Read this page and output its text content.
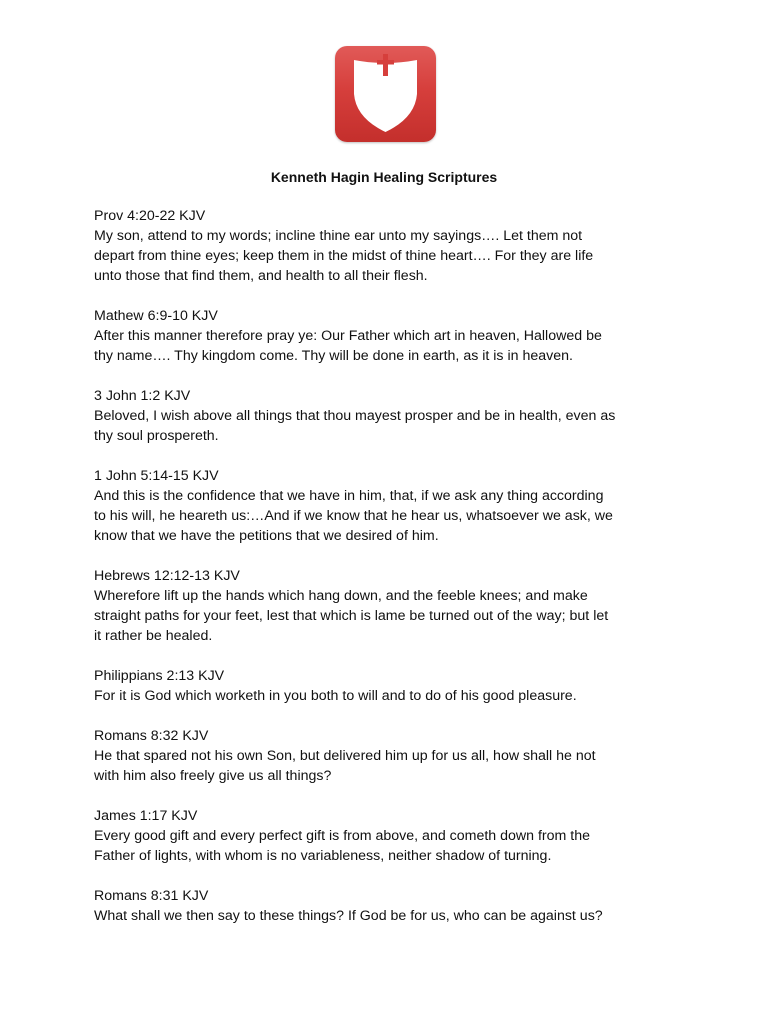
Kenneth Hagin Healing Scriptures

Prov 4:20-22 KJV

My son, attend to my words; incline thine ear unto my sayings…. Let them not

depart from thine eyes; keep them in the midst of thine heart…. For they are life

unto those that find them, and health to all their flesh.

Mathew 6:9-10 KJV

After this manner therefore pray ye: Our Father which art in heaven, Hallowed be

thy name…. Thy kingdom come. Thy will be done in earth, as it is in heaven.

3 John 1:2 KJV

Beloved, I wish above all things that thou mayest prosper and be in health, even as

thy soul prospereth.

1 John 5:14-15 KJV

And this is the confidence that we have in him, that, if we ask any thing according

to his will, he heareth us:…And if we know that he hear us, whatsoever we ask, we

know that we have the petitions that we desired of him.

Hebrews 12:12-13 KJV

Wherefore lift up the hands which hang down, and the feeble knees; and make

straight paths for your feet, lest that which is lame be turned out of the way; but let

it rather be healed.

Philippians 2:13 KJV

For it is God which worketh in you both to will and to do of his good pleasure.

Romans 8:32 KJV

He that spared not his own Son, but delivered him up for us all, how shall he not

with him also freely give us all things?

James 1:17 KJV

Every good gift and every perfect gift is from above, and cometh down from the

Father of lights, with whom is no variableness, neither shadow of turning.

Romans 8:31 KJV

What shall we then say to these things? If God be for us, who can be against us?
